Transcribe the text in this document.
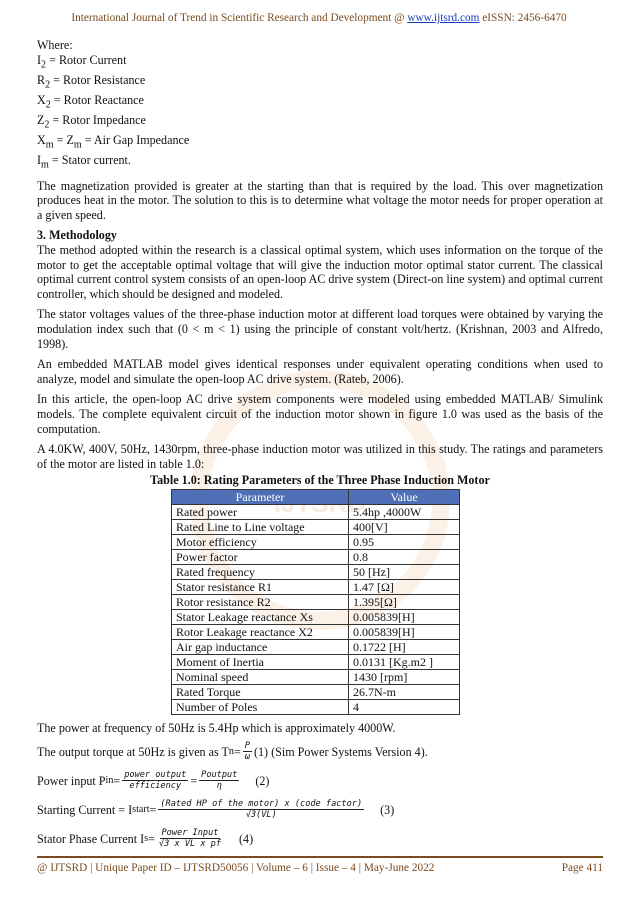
International Journal of Trend in Scientific Research and Development @ www.ijtsrd.com eISSN: 2456-6470
Where:
$I_2$ = Rotor Current
$R_2$ = Rotor Resistance
$X_2$ = Rotor Reactance
$Z_2$ = Rotor Impedance
$X_m = Z_m$ = Air Gap Impedance
$I_m$ = Stator current.

The magnetization provided is greater at the starting than that is required by the load. This over magnetization produces heat in the motor. The solution to this is to determine what voltage the motor needs for proper operation at a given speed.

3. Methodology

The method adopted within the research is a classical optimal system, which uses information on the torque of the motor to get the acceptable optimal voltage that will give the induction motor optimal stator current. The classical optimal current control system consists of an open-loop AC drive system (Direct-on line system) and optimal current controller, which should be designed and modeled.

The stator voltages values of the three-phase induction motor at different load torques were obtained by varying the modulation index such that (0 < m < 1) using the principle of constant volt/hertz. (Krishnan, 2003 and Alfredo, 1998).

An embedded MATLAB model gives identical responses under equivalent operating conditions when used to analyze, model and simulate the open-loop AC drive system. (Rateb, 2006).

In this article, the open-loop AC drive system components were modeled using embedded MATLAB/ Simulink models. The complete equivalent circuit of the induction motor shown in figure 1.0 was used as the basis of the computation.

A 4.0KW, 400V, 50Hz, 1430rpm, three-phase induction motor was utilized in this study. The ratings and parameters of the motor are listed in table 1.0:

Table 1.0: Rating Parameters of the Three Phase Induction Motor
Parameter	Value
Rated power	5.4hp ,4000W
Rated Line to Line voltage	400[V]
Motor efficiency	0.95
Power factor	0.8
Rated frequency	50 [Hz]
Stator resistance R1	1.47 [Ω]
Rotor resistance R2	1.395[Ω]
Stator Leakage reactance Xs	0.005839[H]
Rotor Leakage reactance X2	0.005839[H]
Air gap inductance	0.1722 [H]
Moment of Inertia	0.0131 [Kg.m2 ]
Nominal speed	1430 [rpm]
Rated Torque	26.7N-m
Number of Poles	4

The power at frequency of 50Hz is 5.4Hp which is approximately 4000W.

The output torque at 50Hz is given as T $n = \frac{P}{\omega} (1)$ (Sim Power Systems Version 4).
Power input P in = $\frac{\text{power output}}{\text{efficiency}} = \frac{\text{Poutput}}{\eta} (2)$
Starting Current = I start = $\frac{\text{(Rated HP of the motor) x (code factor)}}{√3(VL)} (3)$
Stator Phase Current I $s = \frac{\text{Power Input}}{\text{√3 x VL x pf}} (4)$
@ IJTSRD | Unique Paper ID – IJTSRD50056 | Volume – 6 | Issue – 4 | May-June 2022	Page 411
